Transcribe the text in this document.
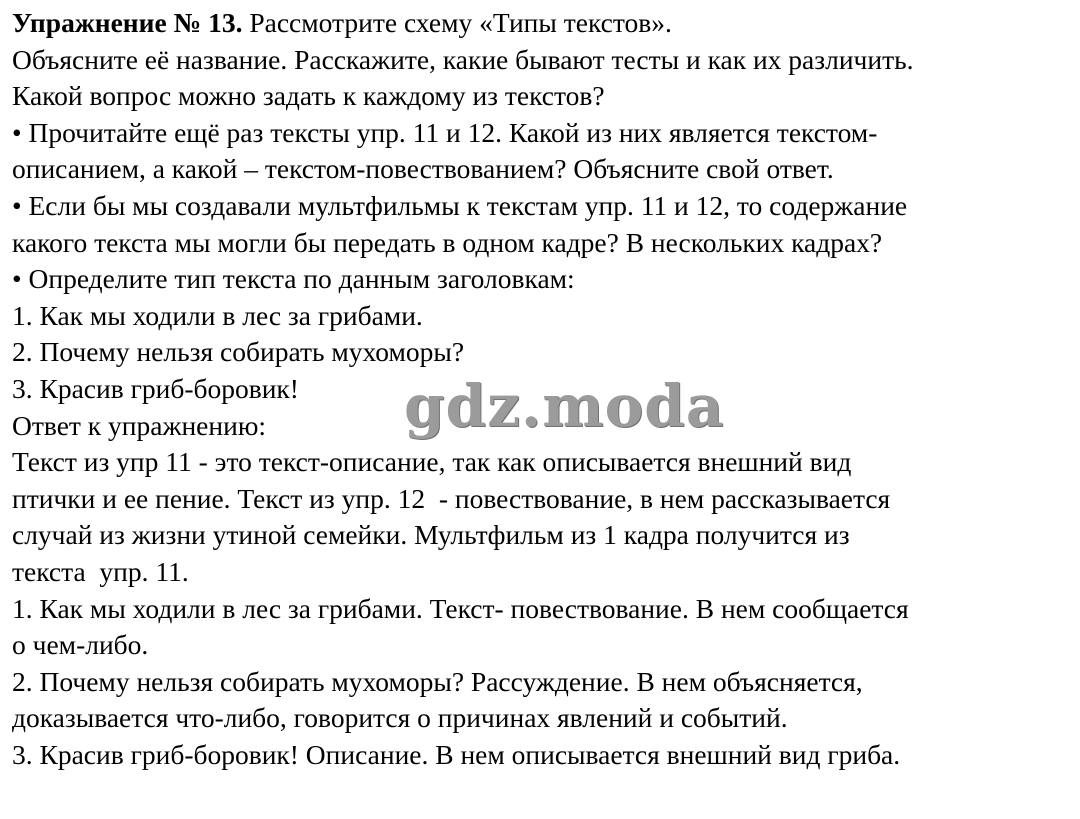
Упражнение № 13. Рассмотрите схему «Типы текстов».
Объясните её название. Расскажите, какие бывают тесты и как их различить.
Какой вопрос можно задать к каждому из текстов?
• Прочитайте ещё раз тексты упр. 11 и 12. Какой из них является текстом-
описанием, а какой – текстом-повествованием? Объясните свой ответ.
• Если бы мы создавали мультфильмы к текстам упр. 11 и 12, то содержание
какого текста мы могли бы передать в одном кадре? В нескольких кадрах?
• Определите тип текста по данным заголовкам:
1. Как мы ходили в лес за грибами.
2. Почему нельзя собирать мухоморы?
3. Красив гриб-боровик!
Ответ к упражнению:
Текст из упр 11 - это текст-описание, так как описывается внешний вид
птички и ее пение. Текст из упр. 12  - повествование, в нем рассказывается
случай из жизни утиной семейки. Мультфильм из 1 кадра получится из
текста  упр. 11.
1. Как мы ходили в лес за грибами. Текст- повествование. В нем сообщается
о чем-либо.
2. Почему нельзя собирать мухоморы? Рассуждение. В нем объясняется,
доказывается что-либо, говорится о причинах явлений и событий.
3. Красив гриб-боровик! Описание. В нем описывается внешний вид гриба.
gdz.moda
